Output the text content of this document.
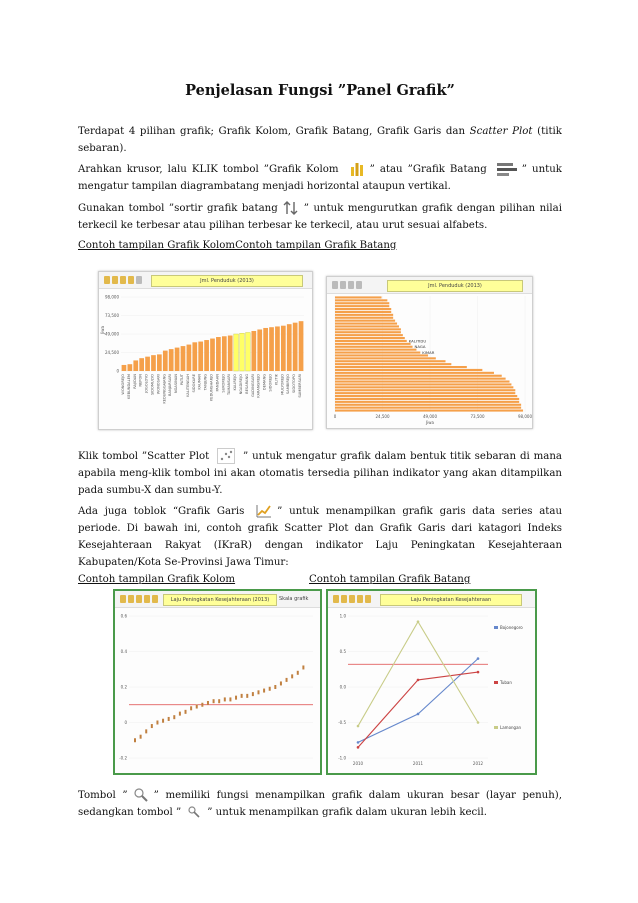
Penjelasan Fungsi ”Panel Grafik”

Terdapat 4 pilihan grafik; Grafik Kolom, Grafik Batang, Grafik Garis dan Scatter Plot (titik sebaran).

Arahkan krusor, lalu KLIK tombol ”Grafik Kolom	” atau ”Grafik Batang	” untuk mengatur tampilan diagrambatang menjadi horizontal ataupun vertikal.

Gunakan tombol ”sortir grafik batang	” untuk mengurutkan grafik dengan pilihan nilai terkecil ke terbesar atau pilihan terbesar ke terkecil, atau urut sesuai alfabets.

Contoh tampilan Grafik KolomContoh tampilan Grafik Batang
Jml. Penduduk (2013)
0
24,500
49,000
73,500
98,000
Jiwa
WONOREJO KEBUNDALEM RAJIDAN NEPON JOGOLOYO SIDOMULYO WONOSARI KEDUNGGAJANG BANJARSARI NGASINAN PATUT KALITENGAH SIDOKARE KAUMAN TANJUNG KEDUNGHARJO PANDAAN SUKOREJO TAMANSARI KALIREJO NGADIREJO BESARANG GADINGSARI KARANGREJO DEMANG SIDOREJO KLITIK MULYOREJO SAMBIREJO SIDOTOPO SUMBERSARI
Jml. Penduduk (2013)
0	24,500	49,000	73,500	98,000
Jiwa
KALITIDU
NAGA
KIMAR

Klik tombol ”Scatter Plot	” untuk mengatur grafik dalam bentuk titik sebaran di mana apabila meng-klik tombol ini akan otomatis tersedia pilihan indikator yang akan ditampilkan pada sumbu-X dan sumbu-Y.

Ada juga toblok “Grafik Garis	” untuk menampilkan grafik garis data series atau periode. Di bawah ini, contoh grafik Scatter Plot dan Grafik Garis dari katagori Indeks Kesejahteraan Rakyat (IKraR) dengan indikator Laju Peningkatan Kesejahteraan Kabupaten/Kota Se-Provinsi Jawa Timur:

Contoh tampilan Grafik Kolom	Contoh tampilan Grafik Batang
Laju Peningkatan Kesejahteraan (2013)	Skala grafik
-0.2
0
0.2
0.4
0.6
Laju Peningkatan Kesejahteraan
-1.0
-0.5
0.0
0.5
1.0
2010	2011	2012
Bojonegoro
Tuban
Lamongan

Tombol ”	” memiliki fungsi menampilkan grafik dalam ukuran besar (layar penuh), sedangkan tombol ”	” untuk menampilkan grafik dalam ukuran lebih kecil.
